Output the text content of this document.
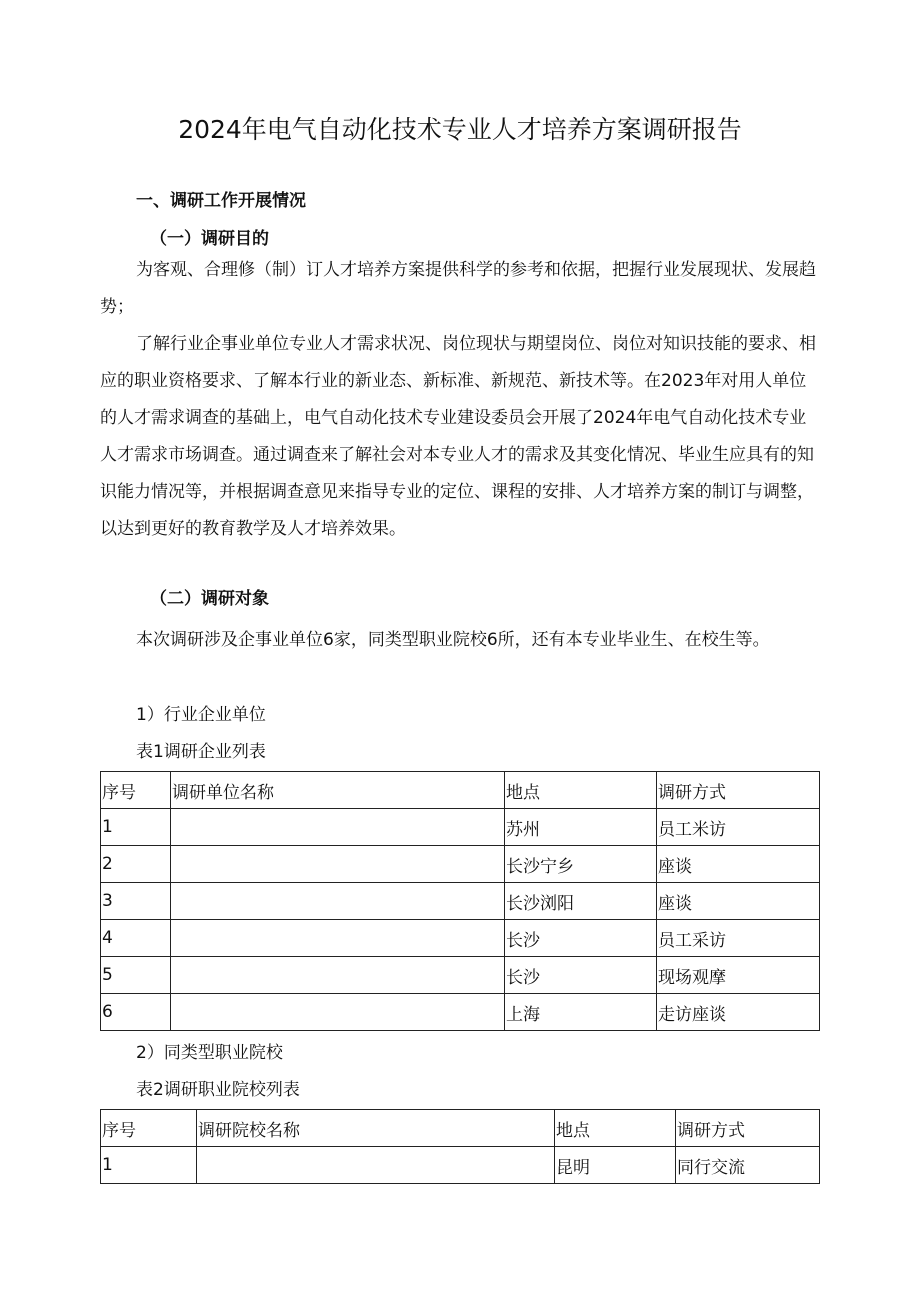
2024年电气自动化技术专业人才培养方案调研报告
一、调研工作开展情况
（一）调研目的

为客观、合理修（制）订人才培养方案提供科学的参考和依据，把握行业发展现状、发展趋势；

了解行业企事业单位专业人才需求状况、岗位现状与期望岗位、岗位对知识技能的要求、相应的职业资格要求、了解本行业的新业态、新标准、新规范、新技术等。在2023年对用人单位的人才需求调查的基础上，电气自动化技术专业建设委员会开展了2024年电气自动化技术专业人才需求市场调查。通过调查来了解社会对本专业人才的需求及其变化情况、毕业生应具有的知识能力情况等，并根据调查意见来指导专业的定位、课程的安排、人才培养方案的制订与调整，以达到更好的教育教学及人才培养效果。

（二）调研对象

本次调研涉及企事业单位6家，同类型职业院校6所，还有本专业毕业生、在校生等。

1）行业企业单位
表1调研企业列表
序号	调研单位名称	地点	调研方式
1		苏州	员工米访
2		长沙宁乡	座谈
3		长沙浏阳	座谈
4		长沙	员工采访
5		长沙	现场观摩
6		上海	走访座谈
2）同类型职业院校
表2调研职业院校列表
序号	调研院校名称	地点	调研方式
1		昆明	同行交流
